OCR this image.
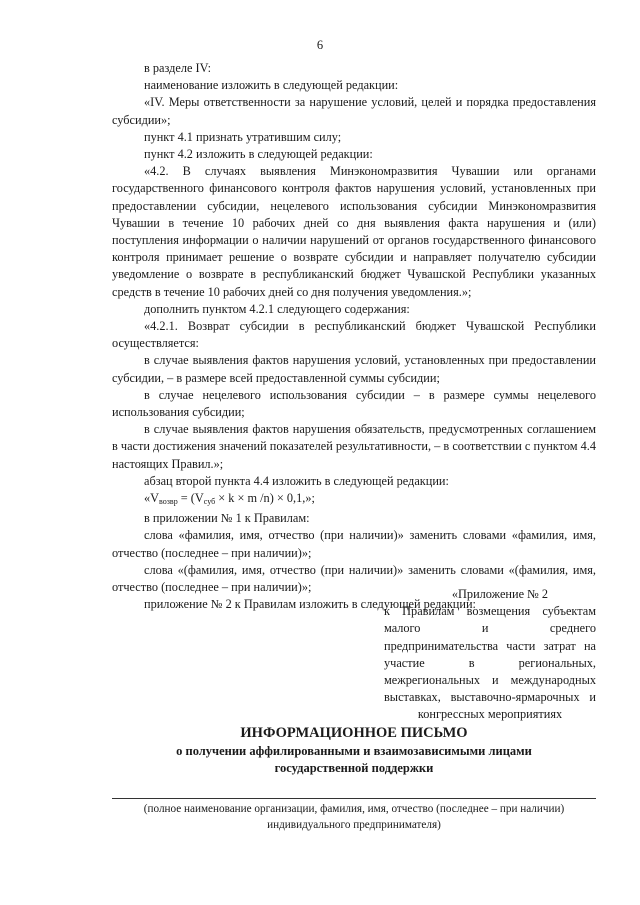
6

в разделе IV:

наименование изложить в следующей редакции:

«IV. Меры ответственности за нарушение условий, целей и порядка предоставления субсидии»;

пункт 4.1 признать утратившим силу;

пункт 4.2 изложить в следующей редакции:

«4.2. В случаях выявления Минэкономразвития Чувашии или органами государственного финансового контроля фактов нарушения условий, установленных при предоставлении субсидии, нецелевого использования субсидии Минэкономразвития Чувашии в течение 10 рабочих дней со дня выявления факта нарушения и (или) поступления информации о наличии нарушений от органов государственного финансового контроля принимает решение о возврате субсидии и направляет получателю субсидии уведомление о возврате в республиканский бюджет Чувашской Республики указанных средств в течение 10 рабочих дней со дня получения уведомления.»;

дополнить пунктом 4.2.1 следующего содержания:

«4.2.1. Возврат субсидии в республиканский бюджет Чувашской Республики осуществляется:

в случае выявления фактов нарушения условий, установленных при предоставлении субсидии, – в размере всей предоставленной суммы субсидии;

в случае нецелевого использования субсидии – в размере суммы нецелевого использования субсидии;

в случае выявления фактов нарушения обязательств, предусмотренных соглашением в части достижения значений показателей результативности, – в соответствии с пунктом 4.4 настоящих Правил.»;

абзац второй пункта 4.4 изложить в следующей редакции:

«$V_{возвр} = (V_{суб} \times k \times m$ /n) × 0,1,»;

в приложении № 1 к Правилам:

слова «фамилия, имя, отчество (при наличии)» заменить словами «фамилия, имя, отчество (последнее – при наличии)»;

слова «(фамилия, имя, отчество (при наличии)» заменить словами «(фамилия, имя, отчество (последнее – при наличии)»;

приложение № 2 к Правилам изложить в следующей редакции:

«Приложение № 2

к Правилам возмещения субъектам малого и среднего предпринимательства части затрат на участие в региональных, межрегиональных и международных выставках, выставочно-ярмарочных и конгрессных мероприятиях

ИНФОРМАЦИОННОЕ ПИСЬМО
о получении аффилированными и взаимозависимыми лицами
государственной поддержки
(полное наименование организации, фамилия, имя, отчество (последнее – при наличии)
индивидуального предпринимателя)
